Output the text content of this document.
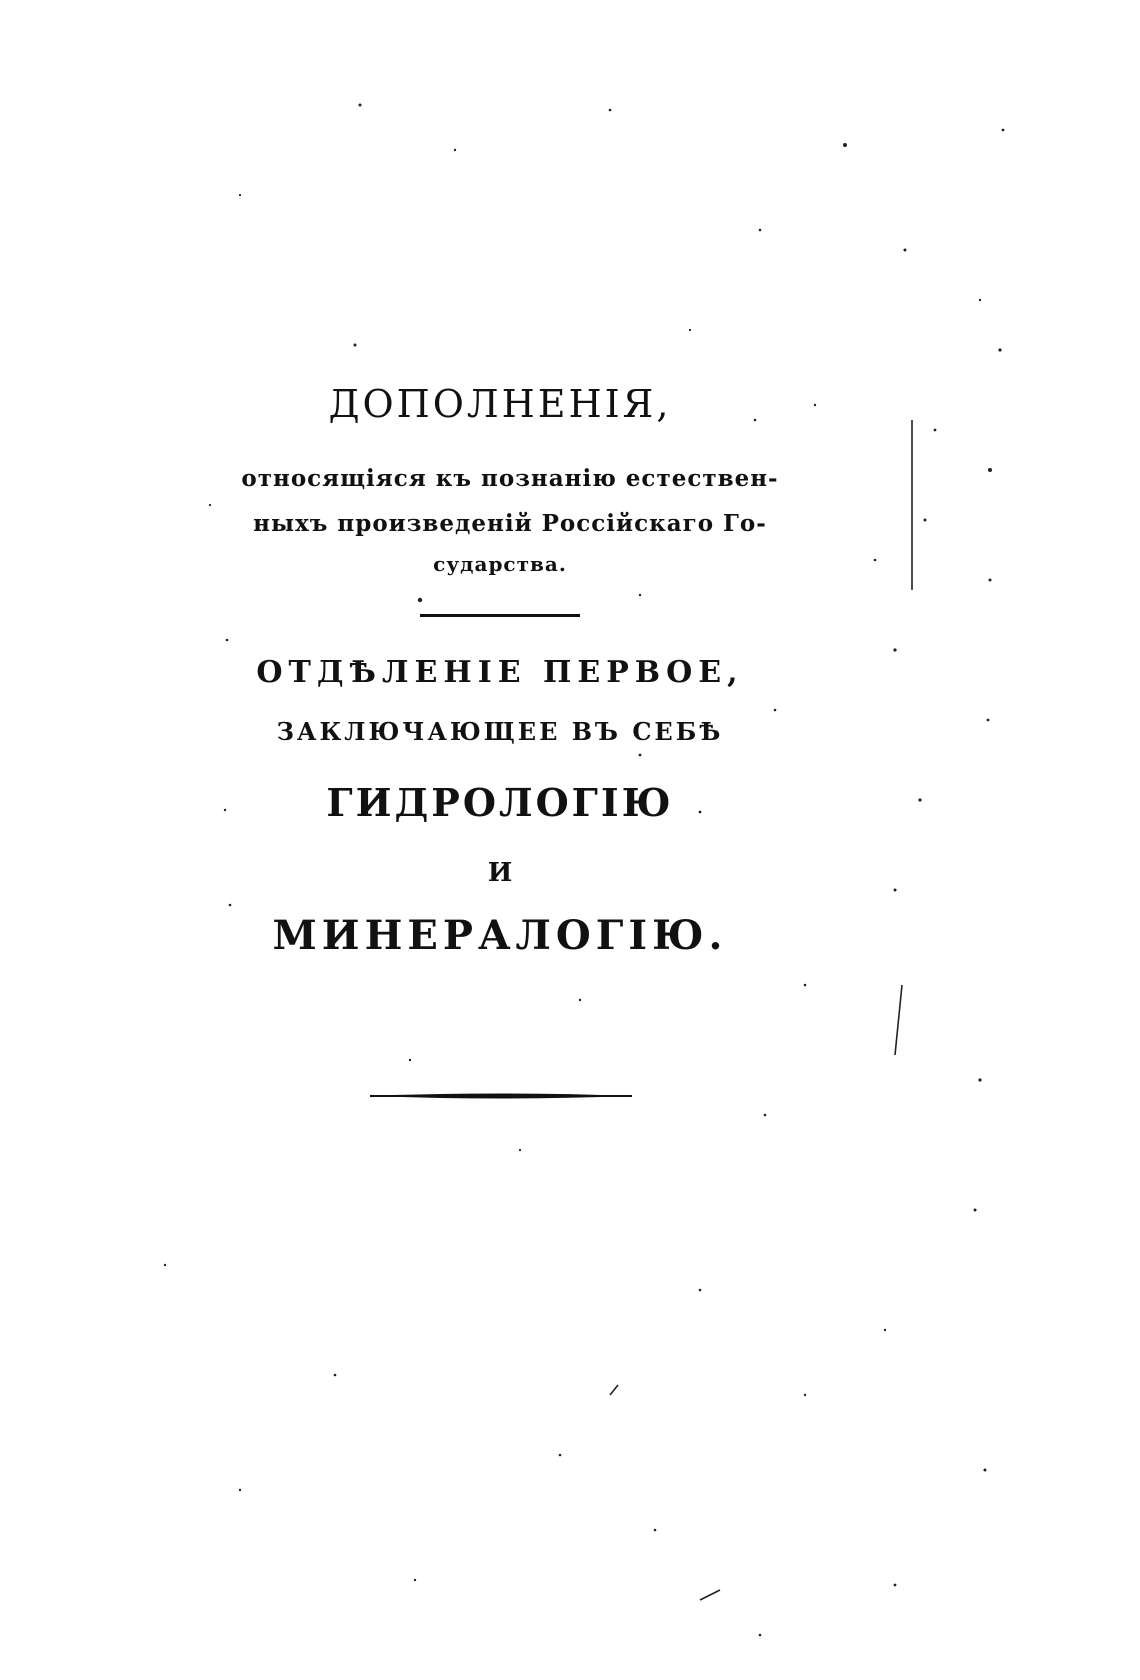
ДОПОЛНЕНІЯ,
относящіяся къ познанію естествен-
ныхъ произведеній Россійскаго Го-
сударства.
ОТДѢЛЕНІЕ ПЕРВОЕ,
ЗАКЛЮЧАЮЩЕЕ ВЪ СЕБѢ
ГИДРОЛОГІЮ
И
МИНЕРАЛОГІЮ.
